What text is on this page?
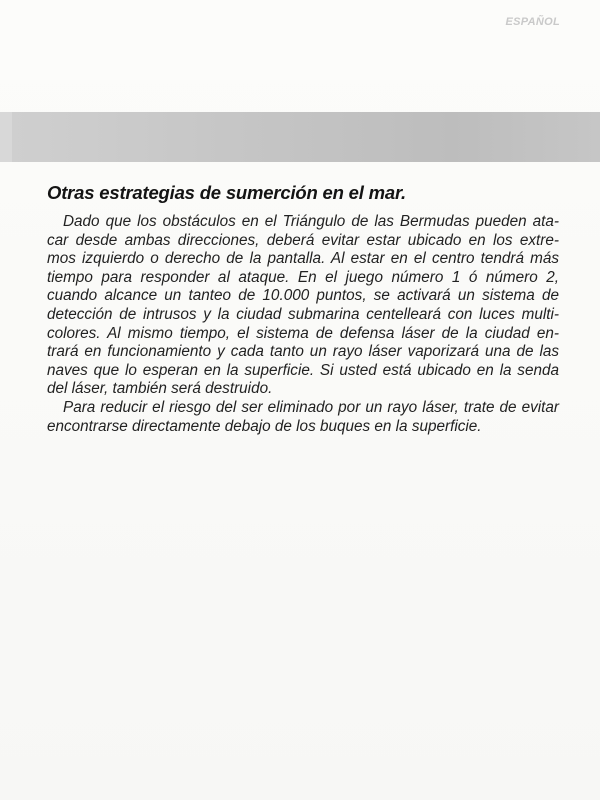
ESPAÑOL
Otras estrategias de sumerción en el mar.
Dado que los obstáculos en el Triángulo de las Bermudas pueden ata-
car desde ambas direcciones, deberá evitar estar ubicado en los extre-
mos izquierdo o derecho de la pantalla. Al estar en el centro tendrá más
tiempo para responder al ataque. En el juego número 1 ó número 2,
cuando alcance un tanteo de 10.000 puntos, se activará un sistema de
detección de intrusos y la ciudad submarina centelleará con luces multi-
colores. Al mismo tiempo, el sistema de defensa láser de la ciudad en-
trará en funcionamiento y cada tanto un rayo láser vaporizará una de las
naves que lo esperan en la superficie. Si usted está ubicado en la senda
del láser, también será destruido.
Para reducir el riesgo del ser eliminado por un rayo láser, trate de evitar
encontrarse directamente debajo de los buques en la superficie.
